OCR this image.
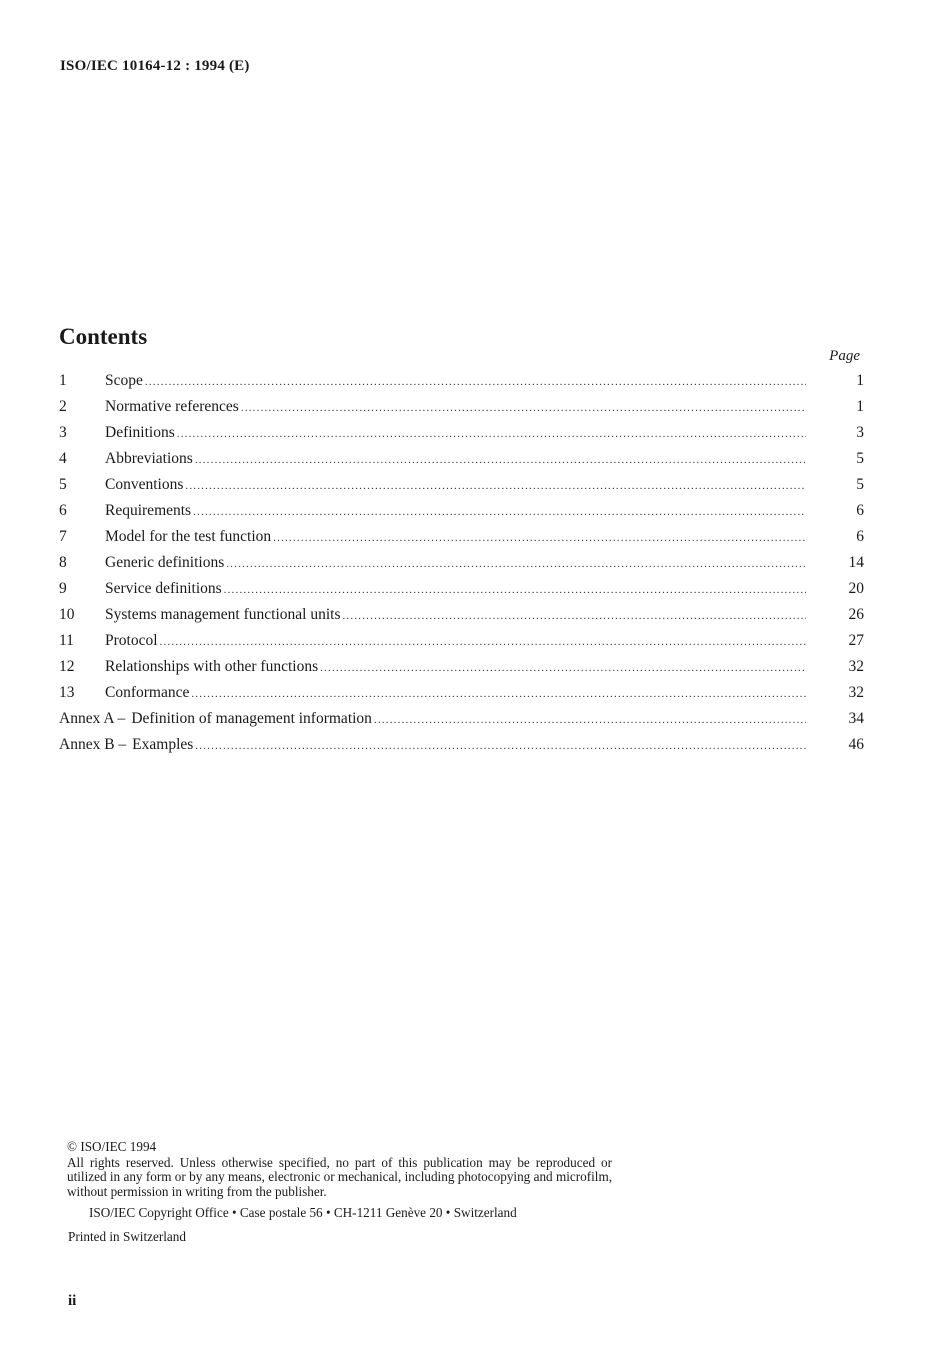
ISO/IEC 10164-12 : 1994 (E)
Contents
Page
1	Scope .....	1
2	Normative references .....	1
3	Definitions .....	3
4	Abbreviations .....	5
5	Conventions .....	5
6	Requirements .....	6
7	Model for the test function .....	6
8	Generic definitions .....	14
9	Service definitions .....	20
10	Systems management functional units .....	26
11	Protocol .....	27
12	Relationships with other functions .....	32
13	Conformance .....	32
Annex A – Definition of management information .....	34
Annex B – Examples .....	46
© ISO/IEC 1994
All rights reserved. Unless otherwise specified, no part of this publication may be reproduced or utilized in any form or by any means, electronic or mechanical, including photocopying and microfilm, without permission in writing from the publisher.
ISO/IEC Copyright Office • Case postale 56 • CH-1211 Genève 20 • Switzerland
Printed in Switzerland
ii
